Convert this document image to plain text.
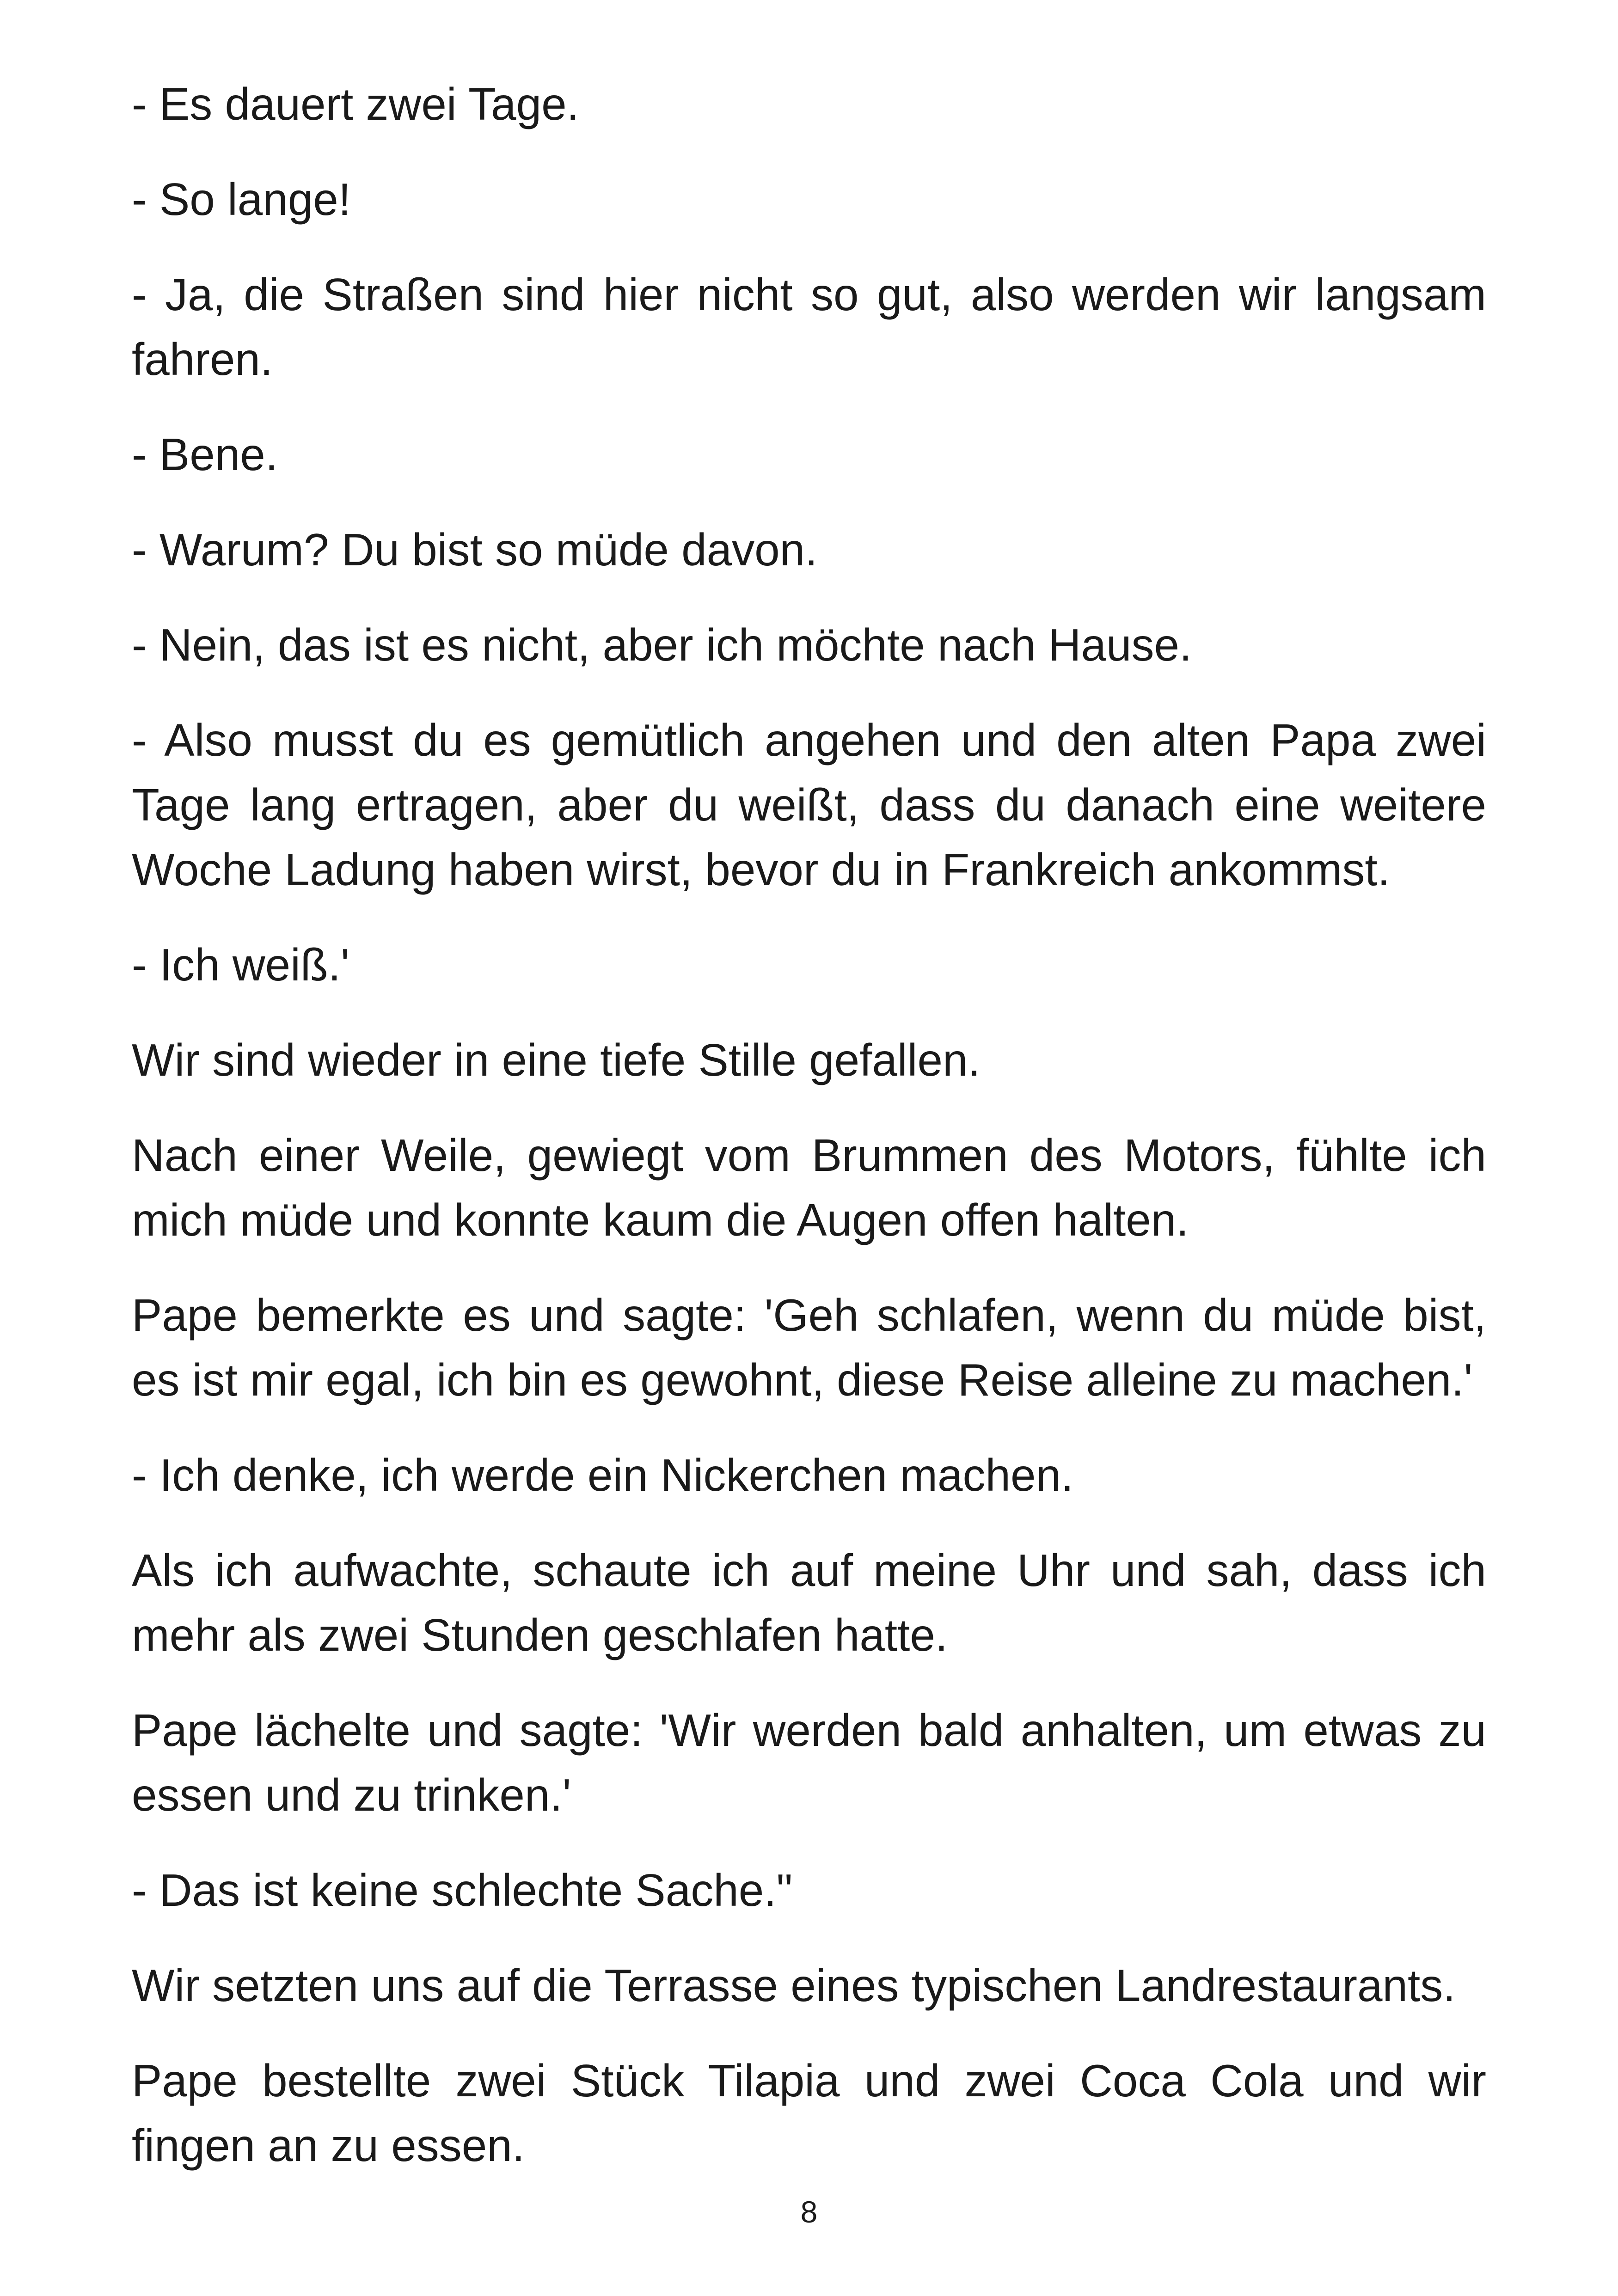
- Es dauert zwei Tage.

- So lange!

- Ja, die Straßen sind hier nicht so gut, also werden wir langsam fahren.

- Bene.

- Warum? Du bist so müde davon.

- Nein, das ist es nicht, aber ich möchte nach Hause.

- Also musst du es gemütlich angehen und den alten Papa zwei Tage lang ertragen, aber du weißt, dass du danach eine weitere Woche Ladung haben wirst, bevor du in Frankreich ankommst.

- Ich weiß.'

Wir sind wieder in eine tiefe Stille gefallen.

Nach einer Weile, gewiegt vom Brummen des Motors, fühlte ich mich müde und konnte kaum die Augen offen halten.

Pape bemerkte es und sagte: 'Geh schlafen, wenn du müde bist, es ist mir egal, ich bin es gewohnt, diese Reise alleine zu machen.'

- Ich denke, ich werde ein Nickerchen machen.

Als ich aufwachte, schaute ich auf meine Uhr und sah, dass ich mehr als zwei Stunden geschlafen hatte.

Pape lächelte und sagte: 'Wir werden bald anhalten, um etwas zu essen und zu trinken.'

- Das ist keine schlechte Sache."

Wir setzten uns auf die Terrasse eines typischen Landrestaurants.

Pape bestellte zwei Stück Tilapia und zwei Coca Cola und wir fingen an zu essen.

8
